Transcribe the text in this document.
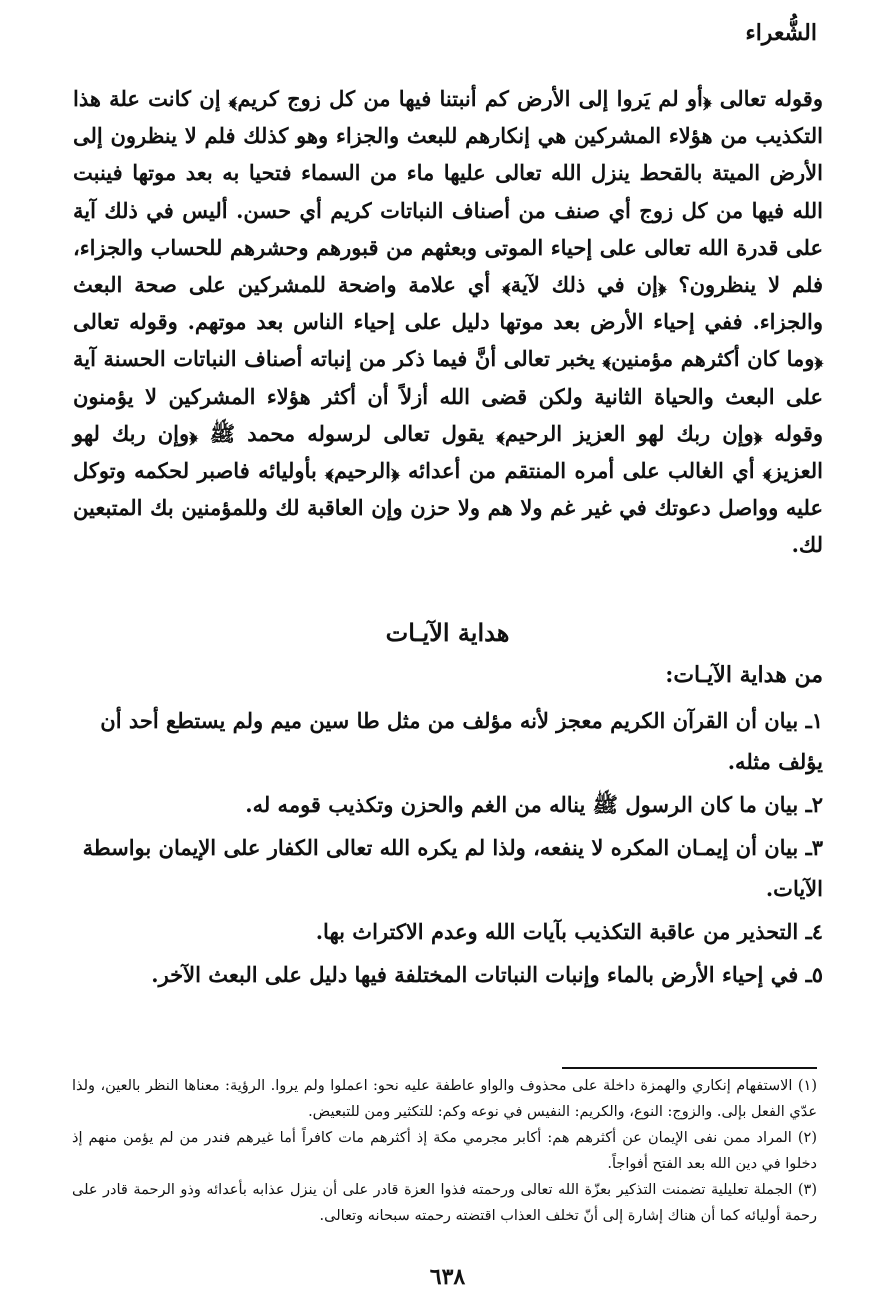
الشُّعراء

وقوله تعالى ﴿أو لم يَروا إلى الأرض كم أنبتنا فيها من كل زوج كريم﴾ إن كانت علة هذا التكذيب من هؤلاء المشركين هي إنكارهم للبعث والجزاء وهو كذلك فلم لا ينظرون إلى الأرض الميتة بالقحط ينزل الله تعالى عليها ماء من السماء فتحيا به بعد موتها فينبت الله فيها من كل زوج أي صنف من أصناف النباتات كريم أي حسن. أليس في ذلك آية على قدرة الله تعالى على إحياء الموتى وبعثهم من قبورهم وحشرهم للحساب والجزاء، فلم لا ينظرون؟ ﴿إن في ذلك لآية﴾ أي علامة واضحة للمشركين على صحة البعث والجزاء. ففي إحياء الأرض بعد موتها دليل على إحياء الناس بعد موتهم. وقوله تعالى ﴿وما كان أكثرهم مؤمنين﴾ يخبر تعالى أنَّ فيما ذكر من إنباته أصناف النباتات الحسنة آية على البعث والحياة الثانية ولكن قضى الله أزلاً أن أكثر هؤلاء المشركين لا يؤمنون وقوله ﴿وإن ربك لهو العزيز الرحيم﴾ يقول تعالى لرسوله محمد ﷺ ﴿وإن ربك لهو العزيز﴾ أي الغالب على أمره المنتقم من أعدائه ﴿الرحيم﴾ بأوليائه فاصبر لحكمه وتوكل عليه وواصل دعوتك في غير غم ولا هم ولا حزن وإن العاقبة لك وللمؤمنين بك المتبعين لك.

هداية الآيـات
من هداية الآيـات:

١ـ بيان أن القرآن الكريم معجز لأنه مؤلف من مثل طا سين ميم ولم يستطع أحد أن يؤلف مثله.

٢ـ بيان ما كان الرسول ﷺ يناله من الغم والحزن وتكذيب قومه له.

٣ـ بيان أن إيمـان المكره لا ينفعه، ولذا لم يكره الله تعالى الكفار على الإيمان بواسطة الآيات.

٤ـ التحذير من عاقبة التكذيب بآيات الله وعدم الاكتراث بها.

٥ـ في إحياء الأرض بالماء وإنبات النباتات المختلفة فيها دليل على البعث الآخر.

(١) الاستفهام إنكاري والهمزة داخلة على محذوف والواو عاطفة عليه نحو: اعملوا ولم يروا. الرؤية: معناها النظر بالعين، ولذا عدّي الفعل بإلى. والزوج: النوع، والكريم: النفيس في نوعه وكم: للتكثير ومن للتبعيض.

(٢) المراد ممن نفى الإيمان عن أكثرهم هم: أكابر مجرمي مكة إذ أكثرهم مات كافراً أما غيرهم فندر من لم يؤمن منهم إذ دخلوا في دين الله بعد الفتح أفواجاً.

(٣) الجملة تعليلية تضمنت التذكير بعزّة الله تعالى ورحمته فذوا العزة قادر على أن ينزل عذابه بأعدائه وذو الرحمة قادر على رحمة أوليائه كما أن هناك إشارة إلى أنّ تخلف العذاب اقتضته رحمته سبحانه وتعالى.

٦٣٨
